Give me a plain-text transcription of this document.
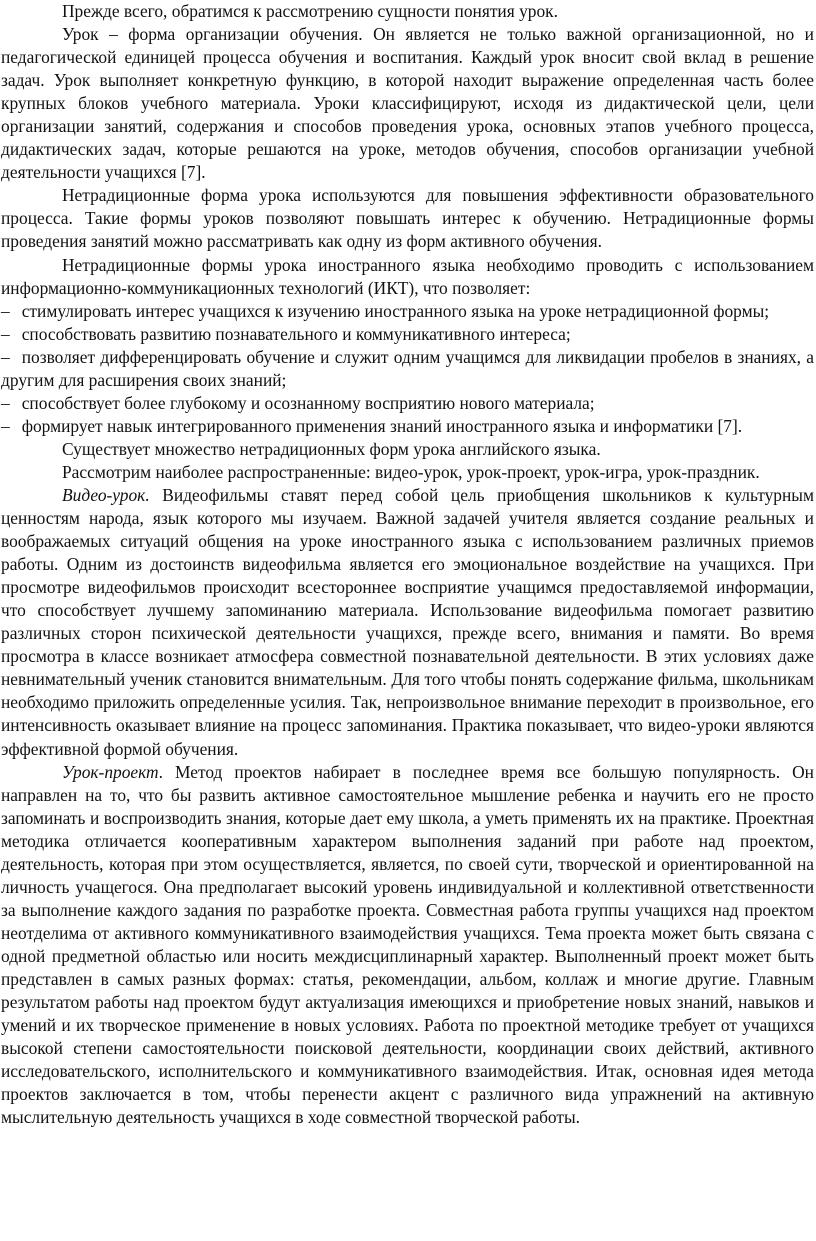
Прежде всего, обратимся к рассмотрению сущности понятия урок.

Урок – форма организации обучения. Он является не только важной организационной, но и педагогической единицей процесса обучения и воспитания. Каждый урок вносит свой вклад в решение задач. Урок выполняет конкретную функцию, в которой находит выражение определенная часть более крупных блоков учебного материала. Уроки классифицируют, исходя из дидактической цели, цели организации занятий, содержания и способов проведения урока, основных этапов учебного процесса, дидактических задач, которые решаются на уроке, методов обучения, способов организации учебной деятельности учащихся [7].

Нетрадиционные форма урока используются для повышения эффективности образовательного процесса. Такие формы уроков позволяют повышать интерес к обучению. Нетрадиционные формы проведения занятий можно рассматривать как одну из форм активного обучения.

Нетрадиционные формы урока иностранного языка необходимо проводить с использованием информационно-коммуникационных технологий (ИКТ), что позволяет:

– стимулировать интерес учащихся к изучению иностранного языка на уроке нетрадиционной формы;

– способствовать развитию познавательного и коммуникативного интереса;

– позволяет дифференцировать обучение и служит одним учащимся для ликвидации пробелов в знаниях, а другим для расширения своих знаний;

– способствует более глубокому и осознанному восприятию нового материала;

– формирует навык интегрированного применения знаний иностранного языка и информатики [7].

Существует множество нетрадиционных форм урока английского языка.

Рассмотрим наиболее распространенные: видео-урок, урок-проект, урок-игра, урок-праздник.

Видео-урок. Видеофильмы ставят перед собой цель приобщения школьников к культурным ценностям народа, язык которого мы изучаем. Важной задачей учителя является создание реальных и воображаемых ситуаций общения на уроке иностранного языка с использованием различных приемов работы. Одним из достоинств видеофильма является его эмоциональное воздействие на учащихся. При просмотре видеофильмов происходит всестороннее восприятие учащимся предоставляемой информации, что способствует лучшему запоминанию материала. Использование видеофильма помогает развитию различных сторон психической деятельности учащихся, прежде всего, внимания и памяти. Во время просмотра в классе возникает атмосфера совместной познавательной деятельности. В этих условиях даже невнимательный ученик становится внимательным. Для того чтобы понять содержание фильма, школьникам необходимо приложить определенные усилия. Так, непроизвольное внимание переходит в произвольное, его интенсивность оказывает влияние на процесс запоминания. Практика показывает, что видео-уроки являются эффективной формой обучения.

Урок-проект. Метод проектов набирает в последнее время все большую популярность. Он направлен на то, что бы развить активное самостоятельное мышление ребенка и научить его не просто запоминать и воспроизводить знания, которые дает ему школа, а уметь применять их на практике. Проектная методика отличается кооперативным характером выполнения заданий при работе над проектом, деятельность, которая при этом осуществляется, является, по своей сути, творческой и ориентированной на личность учащегося. Она предполагает высокий уровень индивидуальной и коллективной ответственности за выполнение каждого задания по разработке проекта. Совместная работа группы учащихся над проектом неотделима от активного коммуникативного взаимодействия учащихся. Тема проекта может быть связана с одной предметной областью или носить междисциплинарный характер. Выполненный проект может быть представлен в самых разных формах: статья, рекомендации, альбом, коллаж и многие другие. Главным результатом работы над проектом будут актуализация имеющихся и приобретение новых знаний, навыков и умений и их творческое применение в новых условиях. Работа по проектной методике требует от учащихся высокой степени самостоятельности поисковой деятельности, координации своих действий, активного исследовательского, исполнительского и коммуникативного взаимодействия. Итак, основная идея метода проектов заключается в том, чтобы перенести акцент с различного вида упражнений на активную мыслительную деятельность учащихся в ходе совместной творческой работы.
